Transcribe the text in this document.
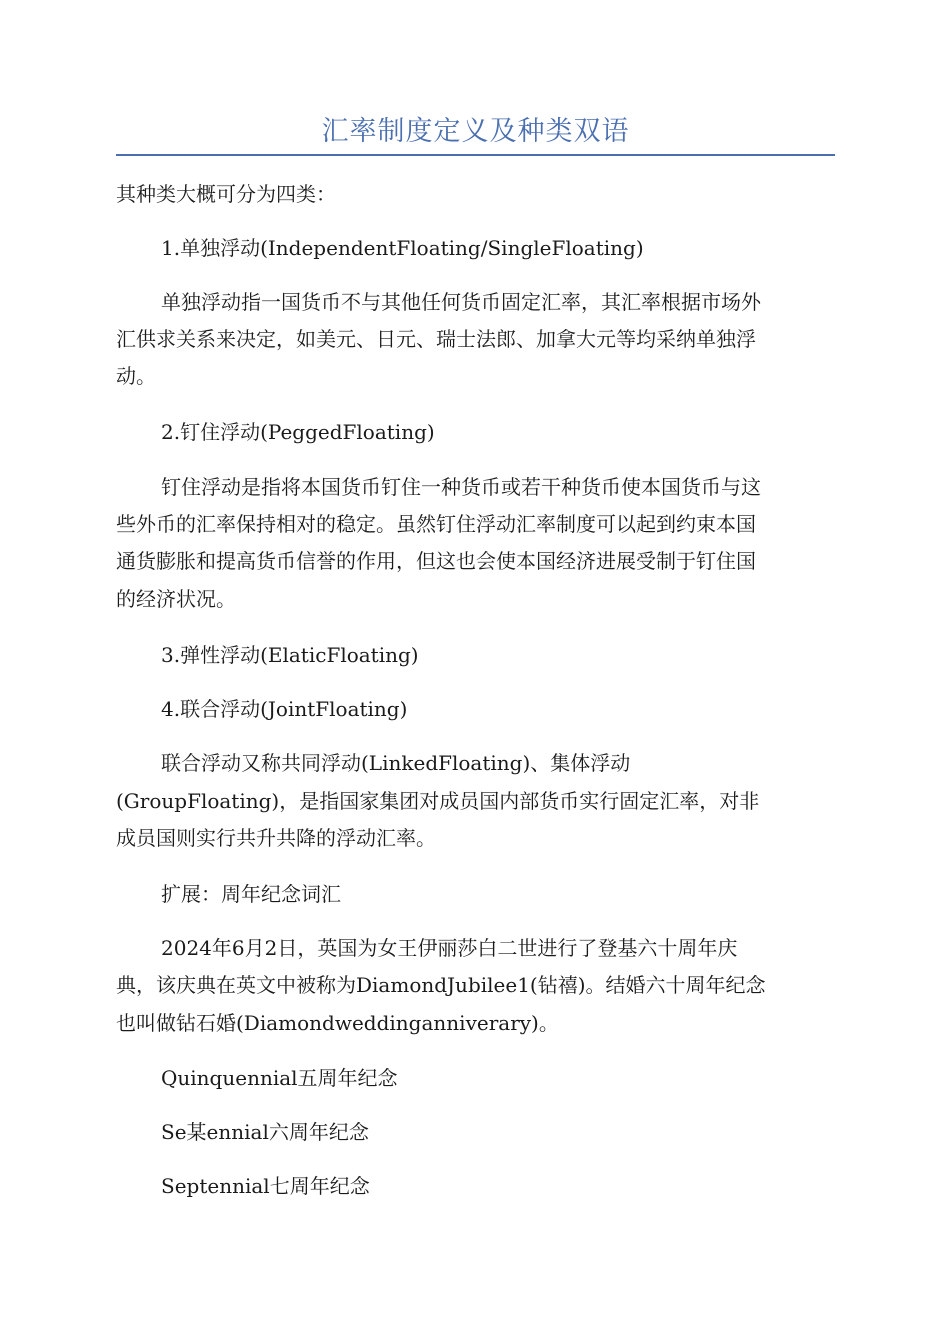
汇率制度定义及种类双语

其种类大概可分为四类：

1.单独浮动(IndependentFloating/SingleFloating)

单独浮动指一国货币不与其他任何货币固定汇率，其汇率根据市场外

汇供求关系来决定，如美元、日元、瑞士法郎、加拿大元等均采纳单独浮

动。

2.钉住浮动(PeggedFloating)

钉住浮动是指将本国货币钉住一种货币或若干种货币使本国货币与这

些外币的汇率保持相对的稳定。虽然钉住浮动汇率制度可以起到约束本国

通货膨胀和提高货币信誉的作用，但这也会使本国经济进展受制于钉住国

的经济状况。

3.弹性浮动(ElaticFloating)

4.联合浮动(JointFloating)

联合浮动又称共同浮动(LinkedFloating)、集体浮动

(GroupFloating)，是指国家集团对成员国内部货币实行固定汇率，对非

成员国则实行共升共降的浮动汇率。

扩展：周年纪念词汇

2024年6月2日，英国为女王伊丽莎白二世进行了登基六十周年庆

典，该庆典在英文中被称为DiamondJubilee1(钻禧)。结婚六十周年纪念

也叫做钻石婚(Diamondweddinganniverary)。

Quinquennial五周年纪念

Se某ennial六周年纪念

Septennial七周年纪念
